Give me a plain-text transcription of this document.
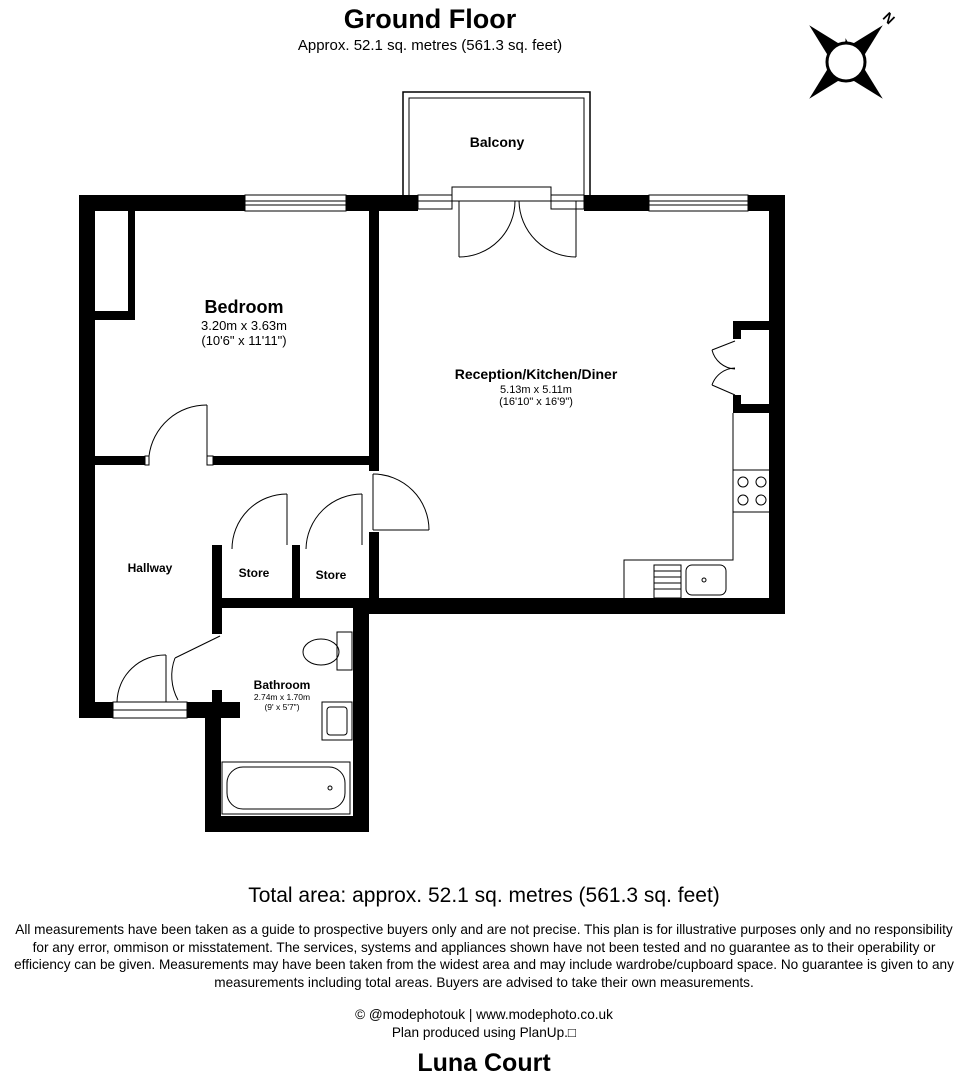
Ground Floor
Approx. 52.1 sq. metres (561.3 sq. feet)
N
Balcony
Bedroom
3.20m x 3.63m
(10'6" x 11'11")
Reception/Kitchen/Diner
5.13m x 5.11m
(16'10" x 16'9")
Hallway	Store	Store
Bathroom
2.74m x 1.70m
(9' x 5'7")
Total area: approx. 52.1 sq. metres (561.3 sq. feet)
All measurements have been taken as a guide to prospective buyers only and are not precise. This plan is for illustrative purposes only and no responsibility for any error, ommison or misstatement. The services, systems and appliances shown have not been tested and no guarantee as to their operability or efficiency can be given. Measurements may have been taken from the widest area and may include wardrobe/cupboard space. No guarantee is given to any measurements including total areas. Buyers are advised to take their own measurements.
© @modephotouk | www.modephoto.co.uk
Plan produced using PlanUp.□
Luna Court
